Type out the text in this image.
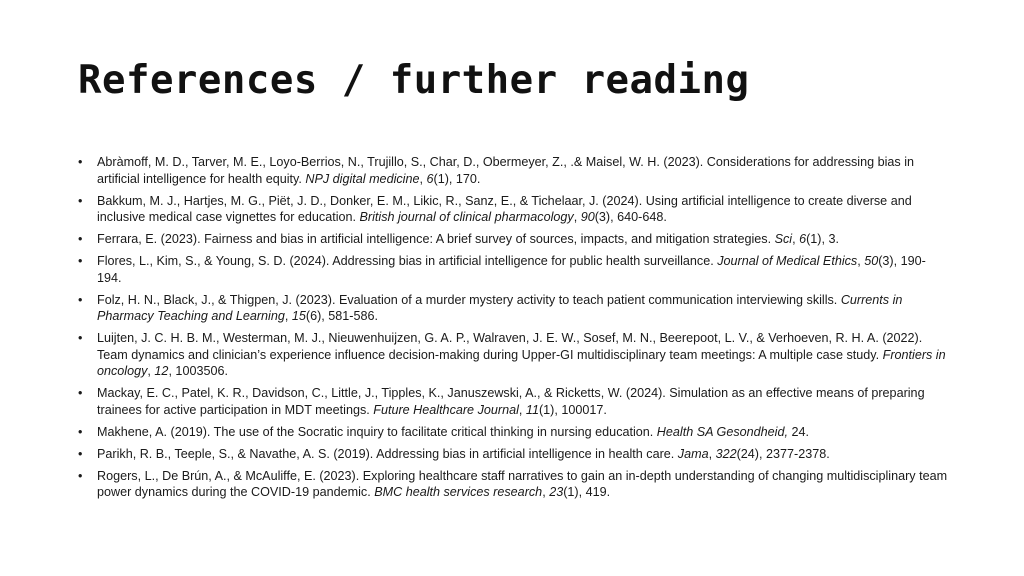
References / further reading
• Abràmoff, M. D., Tarver, M. E., Loyo-Berrios, N., Trujillo, S., Char, D., Obermeyer, Z., .& Maisel, W. H. (2023). Considerations for addressing bias in artificial intelligence for health equity. NPJ digital medicine, 6(1), 170.
• Bakkum, M. J., Hartjes, M. G., Piët, J. D., Donker, E. M., Likic, R., Sanz, E., & Tichelaar, J. (2024). Using artificial intelligence to create diverse and inclusive medical case vignettes for education. British journal of clinical pharmacology, 90(3), 640-648.
• Ferrara, E. (2023). Fairness and bias in artificial intelligence: A brief survey of sources, impacts, and mitigation strategies. Sci, 6(1), 3.
• Flores, L., Kim, S., & Young, S. D. (2024). Addressing bias in artificial intelligence for public health surveillance. Journal of Medical Ethics, 50(3), 190-194.
• Folz, H. N., Black, J., & Thigpen, J. (2023). Evaluation of a murder mystery activity to teach patient communication interviewing skills. Currents in Pharmacy Teaching and Learning, 15(6), 581-586.
• Luijten, J. C. H. B. M., Westerman, M. J., Nieuwenhuijzen, G. A. P., Walraven, J. E. W., Sosef, M. N., Beerepoot, L. V., & Verhoeven, R. H. A. (2022). Team dynamics and clinician’s experience influence decision-making during Upper-GI multidisciplinary team meetings: A multiple case study. Frontiers in oncology, 12, 1003506.
• Mackay, E. C., Patel, K. R., Davidson, C., Little, J., Tipples, K., Januszewski, A., & Ricketts, W. (2024). Simulation as an effective means of preparing trainees for active participation in MDT meetings. Future Healthcare Journal, 11(1), 100017.
• Makhene, A. (2019). The use of the Socratic inquiry to facilitate critical thinking in nursing education. Health SA Gesondheid, 24.
• Parikh, R. B., Teeple, S., & Navathe, A. S. (2019). Addressing bias in artificial intelligence in health care. Jama, 322(24), 2377-2378.
• Rogers, L., De Brún, A., & McAuliffe, E. (2023). Exploring healthcare staff narratives to gain an in-depth understanding of changing multidisciplinary team power dynamics during the COVID-19 pandemic. BMC health services research, 23(1), 419.
